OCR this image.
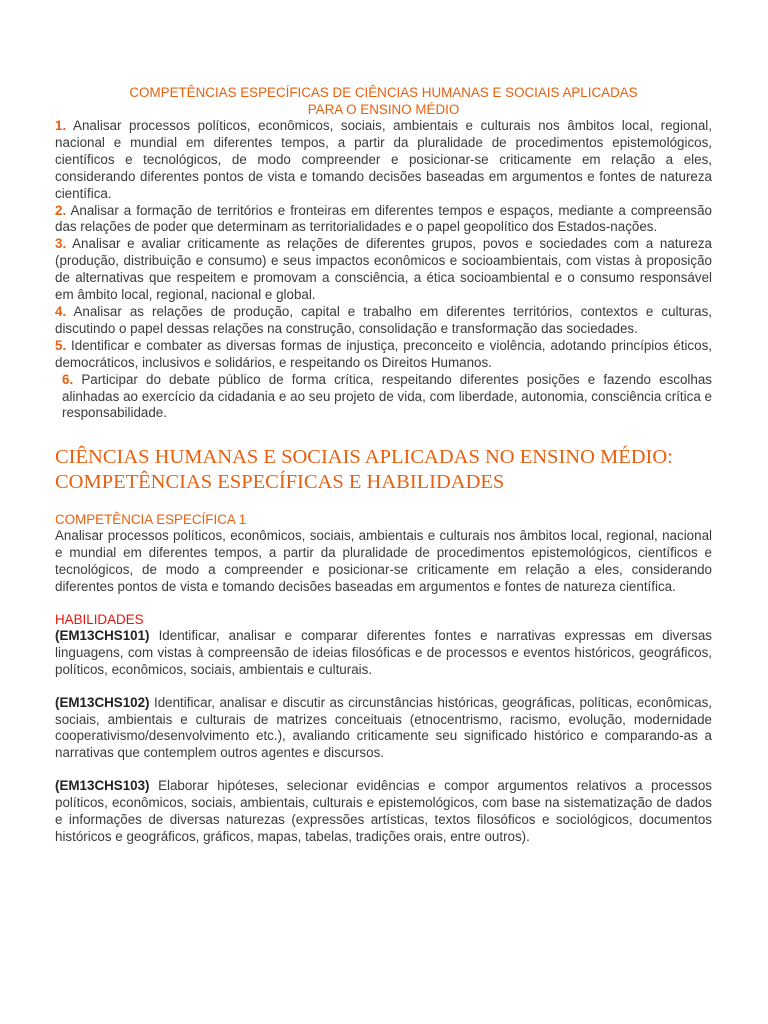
COMPETÊNCIAS ESPECÍFICAS DE CIÊNCIAS HUMANAS E SOCIAIS APLICADAS
PARA O ENSINO MÉDIO
1. Analisar processos políticos, econômicos, sociais, ambientais e culturais nos âmbitos local, regional, nacional e mundial em diferentes tempos, a partir da pluralidade de procedimentos epistemológicos, científicos e tecnológicos, de modo compreender e posicionar-se criticamente em relação a eles, considerando diferentes pontos de vista e tomando decisões baseadas em argumentos e fontes de natureza científica.
2. Analisar a formação de territórios e fronteiras em diferentes tempos e espaços, mediante a compreensão das relações de poder que determinam as territorialidades e o papel geopolítico dos Estados-nações.
3. Analisar e avaliar criticamente as relações de diferentes grupos, povos e sociedades com a natureza (produção, distribuição e consumo) e seus impactos econômicos e socioambientais, com vistas à proposição de alternativas que respeitem e promovam a consciência, a ética socioambiental e o consumo responsável em âmbito local, regional, nacional e global.
4. Analisar as relações de produção, capital e trabalho em diferentes territórios, contextos e culturas, discutindo o papel dessas relações na construção, consolidação e transformação das sociedades.
5. Identificar e combater as diversas formas de injustiça, preconceito e violência, adotando princípios éticos, democráticos, inclusivos e solidários, e respeitando os Direitos Humanos.
6. Participar do debate público de forma crítica, respeitando diferentes posições e fazendo escolhas alinhadas ao exercício da cidadania e ao seu projeto de vida, com liberdade, autonomia, consciência crítica e responsabilidade.
CIÊNCIAS HUMANAS E SOCIAIS APLICADAS NO ENSINO MÉDIO: COMPETÊNCIAS ESPECÍFICAS E HABILIDADES
COMPETÊNCIA ESPECÍFICA 1
Analisar processos políticos, econômicos, sociais, ambientais e culturais nos âmbitos local, regional, nacional e mundial em diferentes tempos, a partir da pluralidade de procedimentos epistemológicos, científicos e tecnológicos, de modo a compreender e posicionar-se criticamente em relação a eles, considerando diferentes pontos de vista e tomando decisões baseadas em argumentos e fontes de natureza científica.
HABILIDADES
(EM13CHS101) Identificar, analisar e comparar diferentes fontes e narrativas expressas em diversas linguagens, com vistas à compreensão de ideias filosóficas e de processos e eventos históricos, geográficos, políticos, econômicos, sociais, ambientais e culturais.
(EM13CHS102) Identificar, analisar e discutir as circunstâncias históricas, geográficas, políticas, econômicas, sociais, ambientais e culturais de matrizes conceituais (etnocentrismo, racismo, evolução, modernidade cooperativismo/desenvolvimento etc.), avaliando criticamente seu significado histórico e comparando-as a narrativas que contemplem outros agentes e discursos.
(EM13CHS103) Elaborar hipóteses, selecionar evidências e compor argumentos relativos a processos políticos, econômicos, sociais, ambientais, culturais e epistemológicos, com base na sistematização de dados e informações de diversas naturezas (expressões artísticas, textos filosóficos e sociológicos, documentos históricos e geográficos, gráficos, mapas, tabelas, tradições orais, entre outros).
